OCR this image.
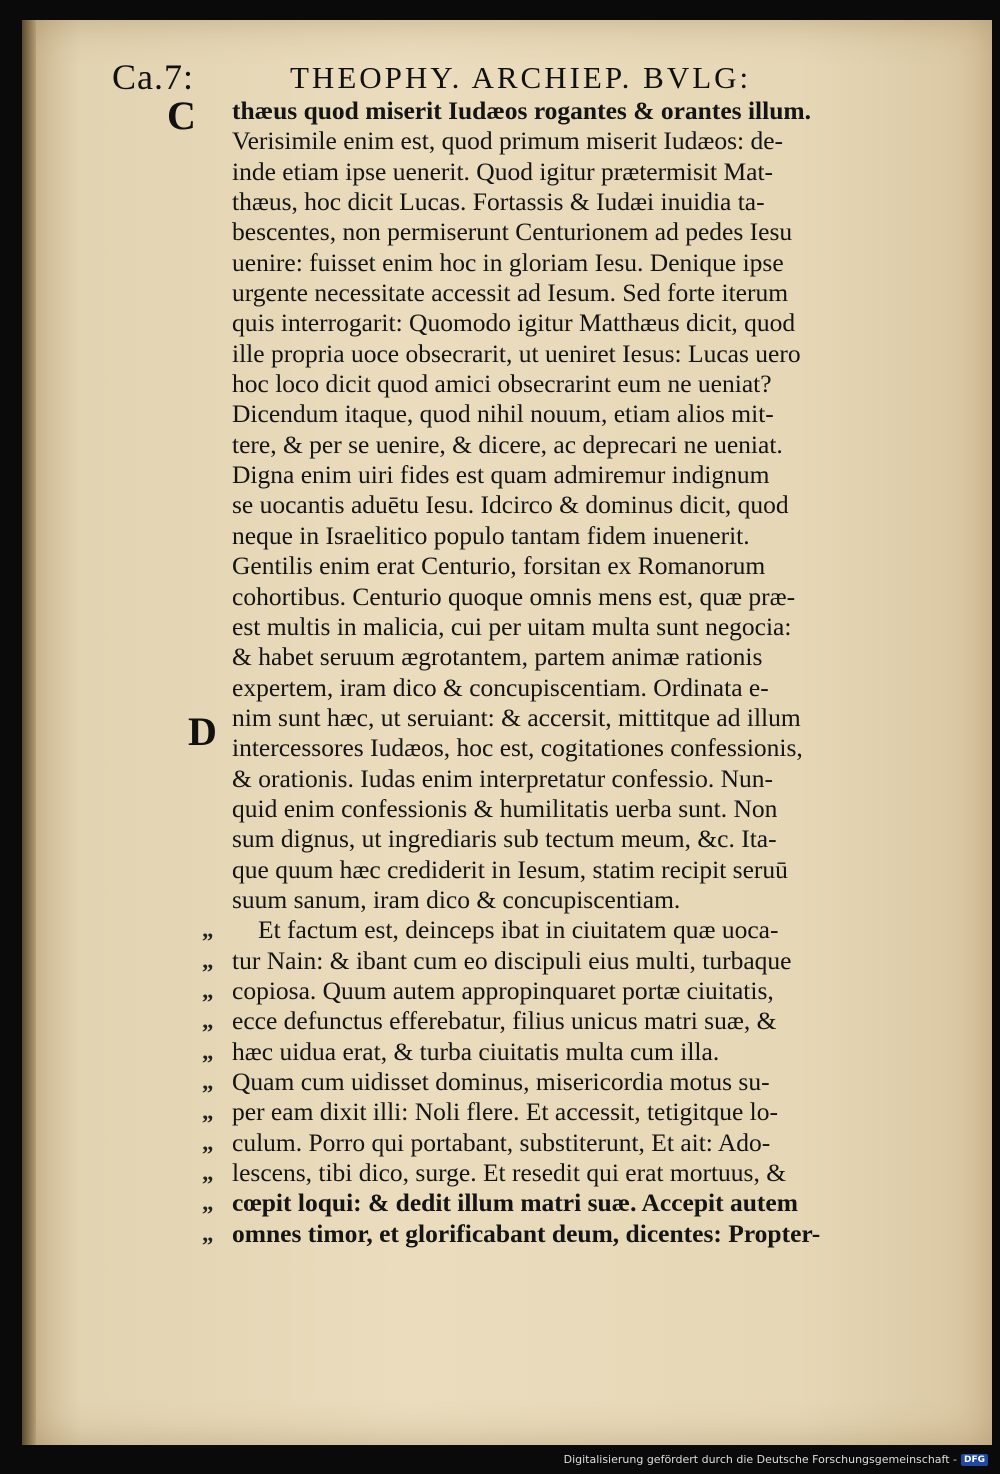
Ca.7:	THEOPHY. ARCHIEP. BVLG:
C
D
thæus quod miserit Iudæos rogantes & orantes illum.
Verisimile enim est, quod primum miserit Iudæos: de-
inde etiam ipse uenerit. Quod igitur prætermisit Mat-
thæus, hoc dicit Lucas. Fortassis & Iudæi inuidia ta-
bescentes, non permiserunt Centurionem ad pedes Iesu
uenire: fuisset enim hoc in gloriam Iesu. Denique ipse
urgente necessitate accessit ad Iesum. Sed forte iterum
quis interrogarit: Quomodo igitur Matthæus dicit, quod
ille propria uoce obsecrarit, ut ueniret Iesus: Lucas uero
hoc loco dicit quod amici obsecrarint eum ne ueniat?
Dicendum itaque, quod nihil nouum, etiam alios mit-
tere, & per se uenire, & dicere, ac deprecari ne ueniat.
Digna enim uiri fides est quam admiremur indignum
se uocantis aduētu Iesu. Idcirco & dominus dicit, quod
neque in Israelitico populo tantam fidem inuenerit.
Gentilis enim erat Centurio, forsitan ex Romanorum
cohortibus. Centurio quoque omnis mens est, quæ præ-
est multis in malicia, cui per uitam multa sunt negocia:
& habet seruum ægrotantem, partem animæ rationis
expertem, iram dico & concupiscentiam. Ordinata e-
nim sunt hæc, ut seruiant: & accersit, mittitque ad illum
intercessores Iudæos, hoc est, cogitationes confessionis,
& orationis. Iudas enim interpretatur confessio. Nun-
quid enim confessionis & humilitatis uerba sunt. Non
sum dignus, ut ingrediaris sub tectum meum, &c. Ita-
que quum hæc crediderit in Iesum, statim recipit seruū
suum sanum, iram dico & concupiscentiam.
„ Et factum est, deinceps ibat in ciuitatem quæ uoca-
„ tur Nain: & ibant cum eo discipuli eius multi, turbaque
„ copiosa. Quum autem appropinquaret portæ ciuitatis,
„ ecce defunctus efferebatur, filius unicus matri suæ, &
„ hæc uidua erat, & turba ciuitatis multa cum illa.
„ Quam cum uidisset dominus, misericordia motus su-
„ per eam dixit illi: Noli flere. Et accessit, tetigitque lo-
„ culum. Porro qui portabant, substiterunt, Et ait: Ado-
„ lescens, tibi dico, surge. Et resedit qui erat mortuus, &
„ cœpit loqui: & dedit illum matri suæ. Accepit autem
„ omnes timor, et glorificabant deum, dicentes: Propter-
Digitalisierung gefördert durch die Deutsche Forschungsgemeinschaft - DFG
